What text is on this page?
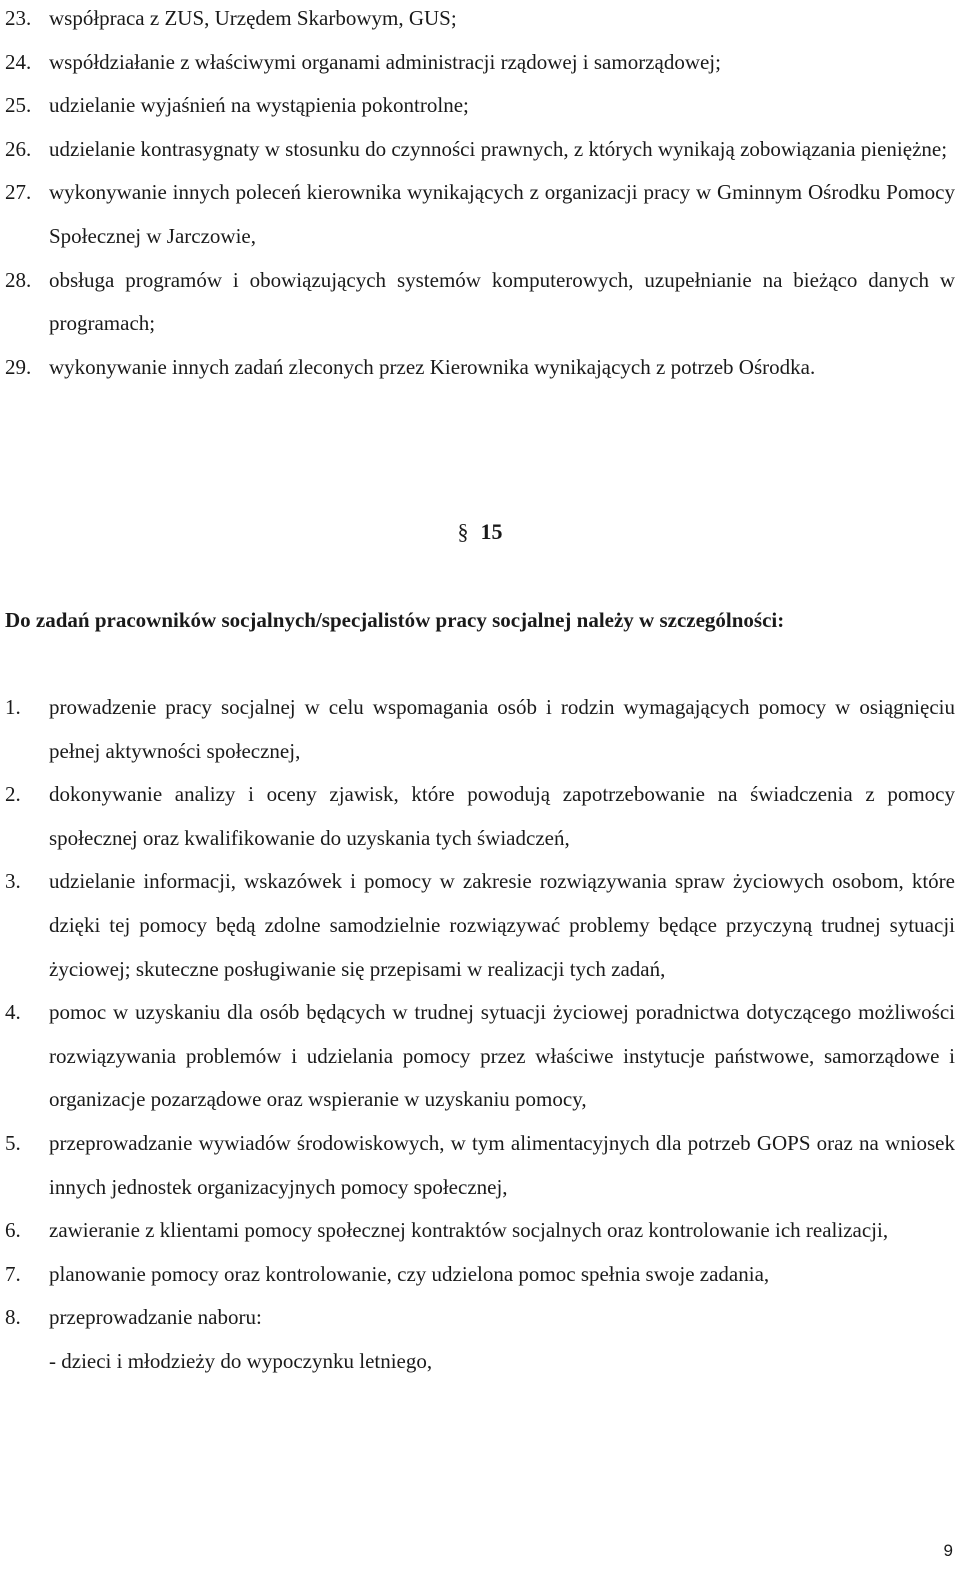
23. współpraca z ZUS, Urzędem Skarbowym, GUS;
24. współdziałanie z właściwymi organami administracji rządowej i samorządowej;
25. udzielanie wyjaśnień na wystąpienia pokontrolne;
26. udzielanie kontrasygnaty w stosunku do czynności prawnych, z których wynikają zobowiązania pieniężne;
27. wykonywanie innych poleceń kierownika wynikających z organizacji pracy w Gminnym Ośrodku Pomocy Społecznej w Jarczowie,
28. obsługa programów i obowiązujących systemów komputerowych, uzupełnianie na bieżąco danych w programach;
29. wykonywanie innych zadań zleconych przez Kierownika wynikających z potrzeb Ośrodka.
§ 15
Do zadań pracowników socjalnych/specjalistów pracy socjalnej należy w szczególności:
1. prowadzenie pracy socjalnej w celu wspomagania osób i rodzin wymagających pomocy w osiągnięciu pełnej aktywności społecznej,
2. dokonywanie analizy i oceny zjawisk, które powodują zapotrzebowanie na świadczenia z pomocy społecznej oraz kwalifikowanie do uzyskania tych świadczeń,
3. udzielanie informacji, wskazówek i pomocy w zakresie rozwiązywania spraw życiowych osobom, które dzięki tej pomocy będą zdolne samodzielnie rozwiązywać problemy będące przyczyną trudnej sytuacji życiowej; skuteczne posługiwanie się przepisami w realizacji tych zadań,
4. pomoc w uzyskaniu dla osób będących w trudnej sytuacji życiowej poradnictwa dotyczącego możliwości rozwiązywania problemów i udzielania pomocy przez właściwe instytucje państwowe, samorządowe i organizacje pozarządowe oraz wspieranie w uzyskaniu pomocy,
5. przeprowadzanie wywiadów środowiskowych, w tym alimentacyjnych dla potrzeb GOPS oraz na wniosek innych jednostek organizacyjnych pomocy społecznej,
6. zawieranie z klientami pomocy społecznej kontraktów socjalnych oraz kontrolowanie ich realizacji,
7. planowanie pomocy oraz kontrolowanie, czy udzielona pomoc spełnia swoje zadania,
8. przeprowadzanie naboru:
- dzieci i młodzieży do wypoczynku letniego,
9
